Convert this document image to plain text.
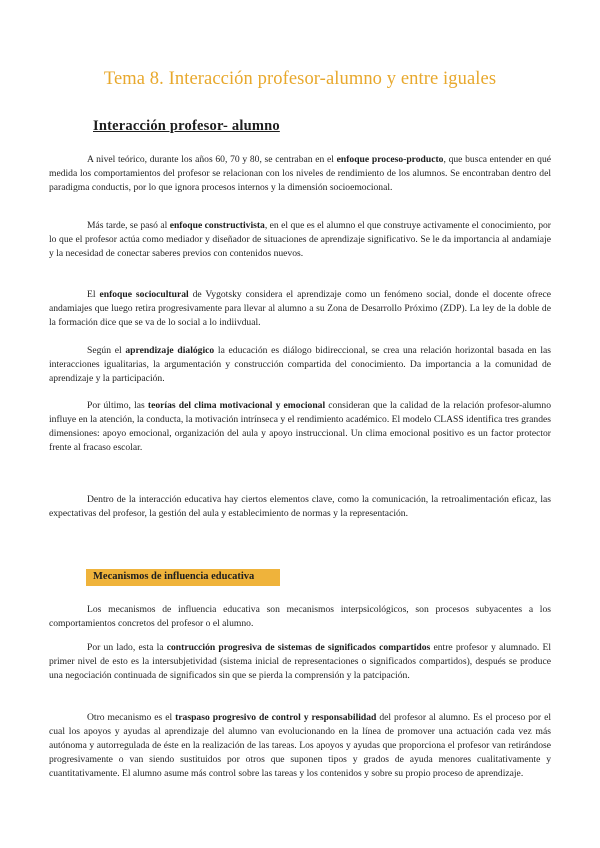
Tema 8. Interacción profesor-alumno y entre iguales
Interacción profesor- alumno

A nivel teórico, durante los años 60, 70 y 80, se centraban en el enfoque proceso-producto, que busca entender en qué medida los comportamientos del profesor se relacionan con los niveles de rendimiento de los alumnos. Se encontraban dentro del paradigma conductis, por lo que ignora procesos internos y la dimensión socioemocional.

Más tarde, se pasó al enfoque constructivista, en el que es el alumno el que construye activamente el conocimiento, por lo que el profesor actúa como mediador y diseñador de situaciones de aprendizaje significativo. Se le da importancia al andamiaje y la necesidad de conectar saberes previos con contenidos nuevos.

El enfoque sociocultural de Vygotsky considera el aprendizaje como un fenómeno social, donde el docente ofrece andamiajes que luego retira progresivamente para llevar al alumno a su Zona de Desarrollo Próximo (ZDP). La ley de la doble de la formación dice que se va de lo social a lo indiivdual.

Según el aprendizaje dialógico la educación es diálogo bidireccional, se crea una relación horizontal basada en las interacciones igualitarias, la argumentación y construcción compartida del conocimiento. Da importancia a la comunidad de aprendizaje y la participación.

Por último, las teorías del clima motivacional y emocional consideran que la calidad de la relación profesor-alumno influye en la atención, la conducta, la motivación intrínseca y el rendimiento académico. El modelo CLASS identifica tres grandes dimensiones: apoyo emocional, organización del aula y apoyo instruccional. Un clima emocional positivo es un factor protector frente al fracaso escolar.

Dentro de la interacción educativa hay ciertos elementos clave, como la comunicación, la retroalimentación eficaz, las expectativas del profesor, la gestión del aula y establecimiento de normas y la representación.

Mecanismos de influencia educativa

Los mecanismos de influencia educativa son mecanismos interpsicológicos, son procesos subyacentes a los comportamientos concretos del profesor o el alumno.

Por un lado, esta la contrucción progresiva de sistemas de significados compartidos entre profesor y alumnado. El primer nivel de esto es la intersubjetividad (sistema inicial de representaciones o significados compartidos), después se produce una negociación continuada de significados sin que se pierda la comprensión y la patcipación.

Otro mecanismo es el traspaso progresivo de control y responsabilidad del profesor al alumno. Es el proceso por el cual los apoyos y ayudas al aprendizaje del alumno van evolucionando en la línea de promover una actuación cada vez más autónoma y autorregulada de éste en la realización de las tareas. Los apoyos y ayudas que proporciona el profesor van retirándose progresivamente o van siendo sustituidos por otros que suponen tipos y grados de ayuda menores cualitativamente y cuantitativamente. El alumno asume más control sobre las tareas y los contenidos y sobre su propio proceso de aprendizaje.
